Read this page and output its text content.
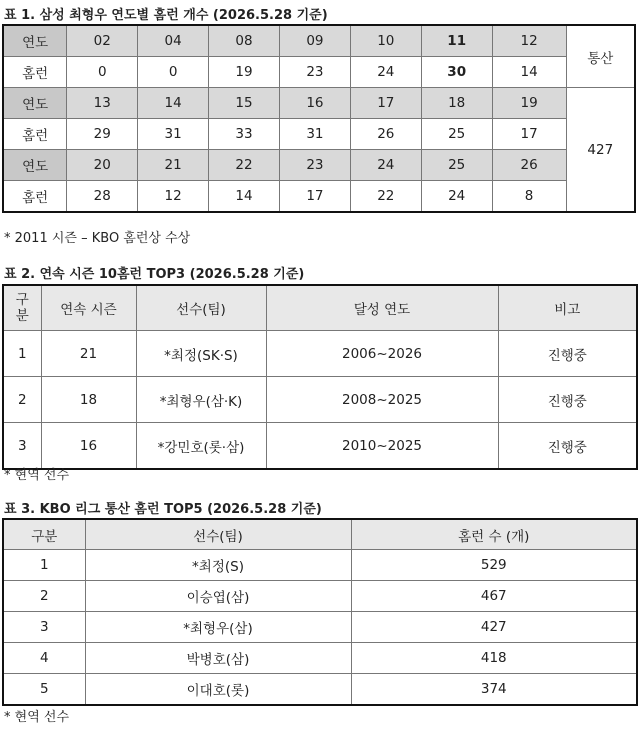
표 1. 삼성 최형우 연도별 홈런 개수 (2026.5.28 기준)
연도	02	04	08	09	10	11	12	통산
홈런	0	0	19	23	24	30	14	
연도	13	14	15	16	17	18	19	427
홈런	29	31	33	31	26	25	17	
연도	20	21	22	23	24	25	26	
홈런	28	12	14	17	22	24	8	
* 2011 시즌 – KBO 홈런상 수상
표 2. 연속 시즌 10홈런 TOP3 (2026.5.28 기준)
구분	연속 시즌	선수(팀)	달성 연도	비고
1	21	*최정(SK·S)	2006~2026	진행중
2	18	*최형우(삼·K)	2008~2025	진행중
3	16	*강민호(롯·삼)	2010~2025	진행중
* 현역 선수
표 3. KBO 리그 통산 홈런 TOP5 (2026.5.28 기준)
구분	선수(팀)	홈런 수 (개)
1	*최정(S)	529
2	이승엽(삼)	467
3	*최형우(삼)	427
4	박병호(삼)	418
5	이대호(롯)	374
* 현역 선수
